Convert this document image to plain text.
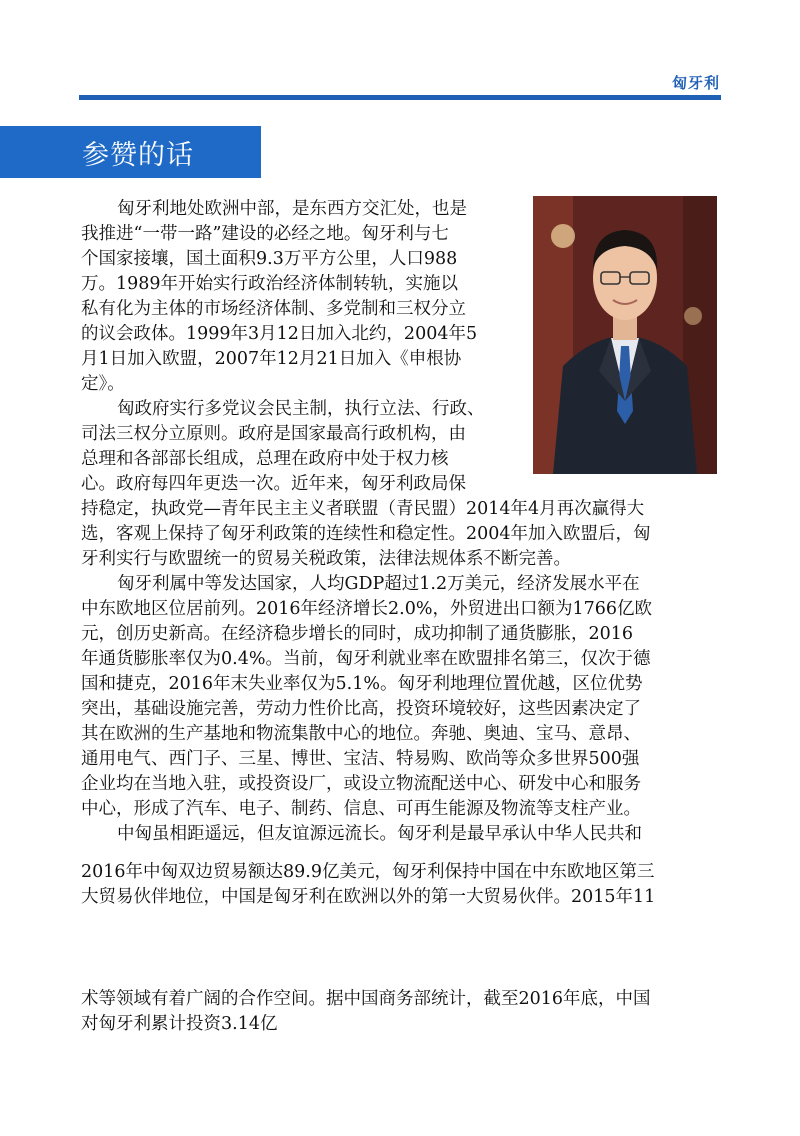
匈牙利
参赞的话
匈牙利地处欧洲中部，是东西方交汇处，也是
我推进“一带一路”建设的必经之地。匈牙利与七
个国家接壤，国土面积9.3万平方公里，人口988
万。1989年开始实行政治经济体制转轨，实施以
私有化为主体的市场经济体制、多党制和三权分立
的议会政体。1999年3月12日加入北约，2004年5
月1日加入欧盟，2007年12月21日加入《申根协
定》。
匈政府实行多党议会民主制，执行立法、行政、
司法三权分立原则。政府是国家最高行政机构，由
总理和各部部长组成，总理在政府中处于权力核
心。政府每四年更迭一次。近年来，匈牙利政局保
持稳定，执政党—青年民主主义者联盟（青民盟）2014年4月再次赢得大
选，客观上保持了匈牙利政策的连续性和稳定性。2004年加入欧盟后，匈
牙利实行与欧盟统一的贸易关税政策，法律法规体系不断完善。
匈牙利属中等发达国家，人均GDP超过1.2万美元，经济发展水平在
中东欧地区位居前列。2016年经济增长2.0%，外贸进出口额为1766亿欧
元，创历史新高。在经济稳步增长的同时，成功抑制了通货膨胀，2016
年通货膨胀率仅为0.4%。当前，匈牙利就业率在欧盟排名第三，仅次于德
国和捷克，2016年末失业率仅为5.1%。匈牙利地理位置优越，区位优势
突出，基础设施完善，劳动力性价比高，投资环境较好，这些因素决定了
其在欧洲的生产基地和物流集散中心的地位。奔驰、奥迪、宝马、意昂、
通用电气、西门子、三星、博世、宝洁、特易购、欧尚等众多世界500强
企业均在当地入驻，或投资设厂，或设立物流配送中心、研发中心和服务
中心，形成了汽车、电子、制药、信息、可再生能源及物流等支柱产业。
中匈虽相距遥远，但友谊源远流长。匈牙利是最早承认中华人民共和
2016年中匈双边贸易额达89.9亿美元，匈牙利保持中国在中东欧地区第三
大贸易伙伴地位，中国是匈牙利在欧洲以外的第一大贸易伙伴。2015年11
术等领域有着广阔的合作空间。据中国商务部统计，截至2016年底，中国
对匈牙利累计投资3.14亿
